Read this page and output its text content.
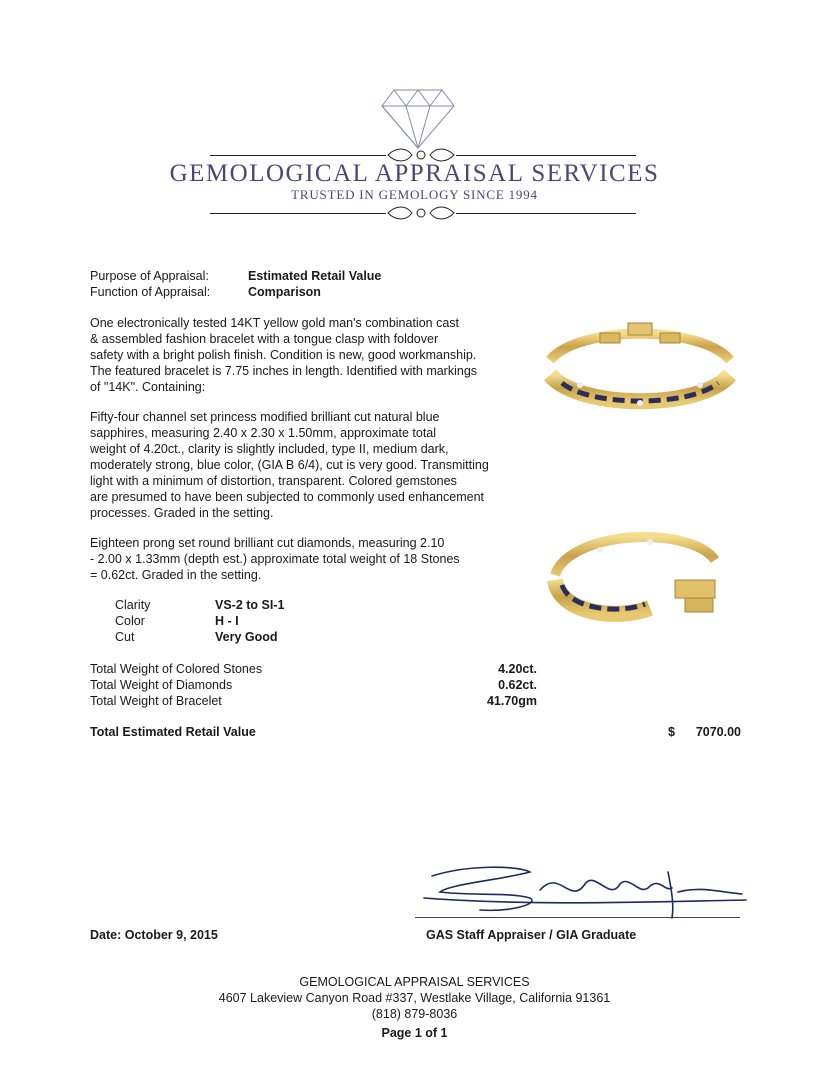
GEMOLOGICAL APPRAISAL SERVICES
TRUSTED IN GEMOLOGY SINCE 1994
Purpose of Appraisal:	Estimated Retail Value
Function of Appraisal:	Comparison
One electronically tested 14KT yellow gold man's combination cast
& assembled fashion bracelet with a tongue clasp with foldover
safety with a bright polish finish. Condition is new, good workmanship.
The featured bracelet is 7.75 inches in length. Identified with markings
of "14K". Containing:
Fifty-four channel set princess modified brilliant cut natural blue
sapphires, measuring 2.40 x 2.30 x 1.50mm, approximate total
weight of 4.20ct., clarity is slightly included, type II, medium dark,
moderately strong, blue color, (GIA B 6/4), cut is very good. Transmitting
light with a minimum of distortion, transparent. Colored gemstones
are presumed to have been subjected to commonly used enhancement
processes. Graded in the setting.
Eighteen prong set round brilliant cut diamonds, measuring 2.10
- 2.00 x 1.33mm (depth est.) approximate total weight of 18 Stones
= 0.62ct. Graded in the setting.
Clarity	VS-2 to SI-1
Color	H - I
Cut	Very Good
Total Weight of Colored Stones	4.20ct.
Total Weight of Diamonds	0.62ct.
Total Weight of Bracelet	41.70gm
Total Estimated Retail Value	$ 7070.00
Date: October 9, 2015	GAS Staff Appraiser / GIA Graduate
GEMOLOGICAL APPRAISAL SERVICES
4607 Lakeview Canyon Road #337, Westlake Village, California 91361
(818) 879-8036
Page 1 of 1
